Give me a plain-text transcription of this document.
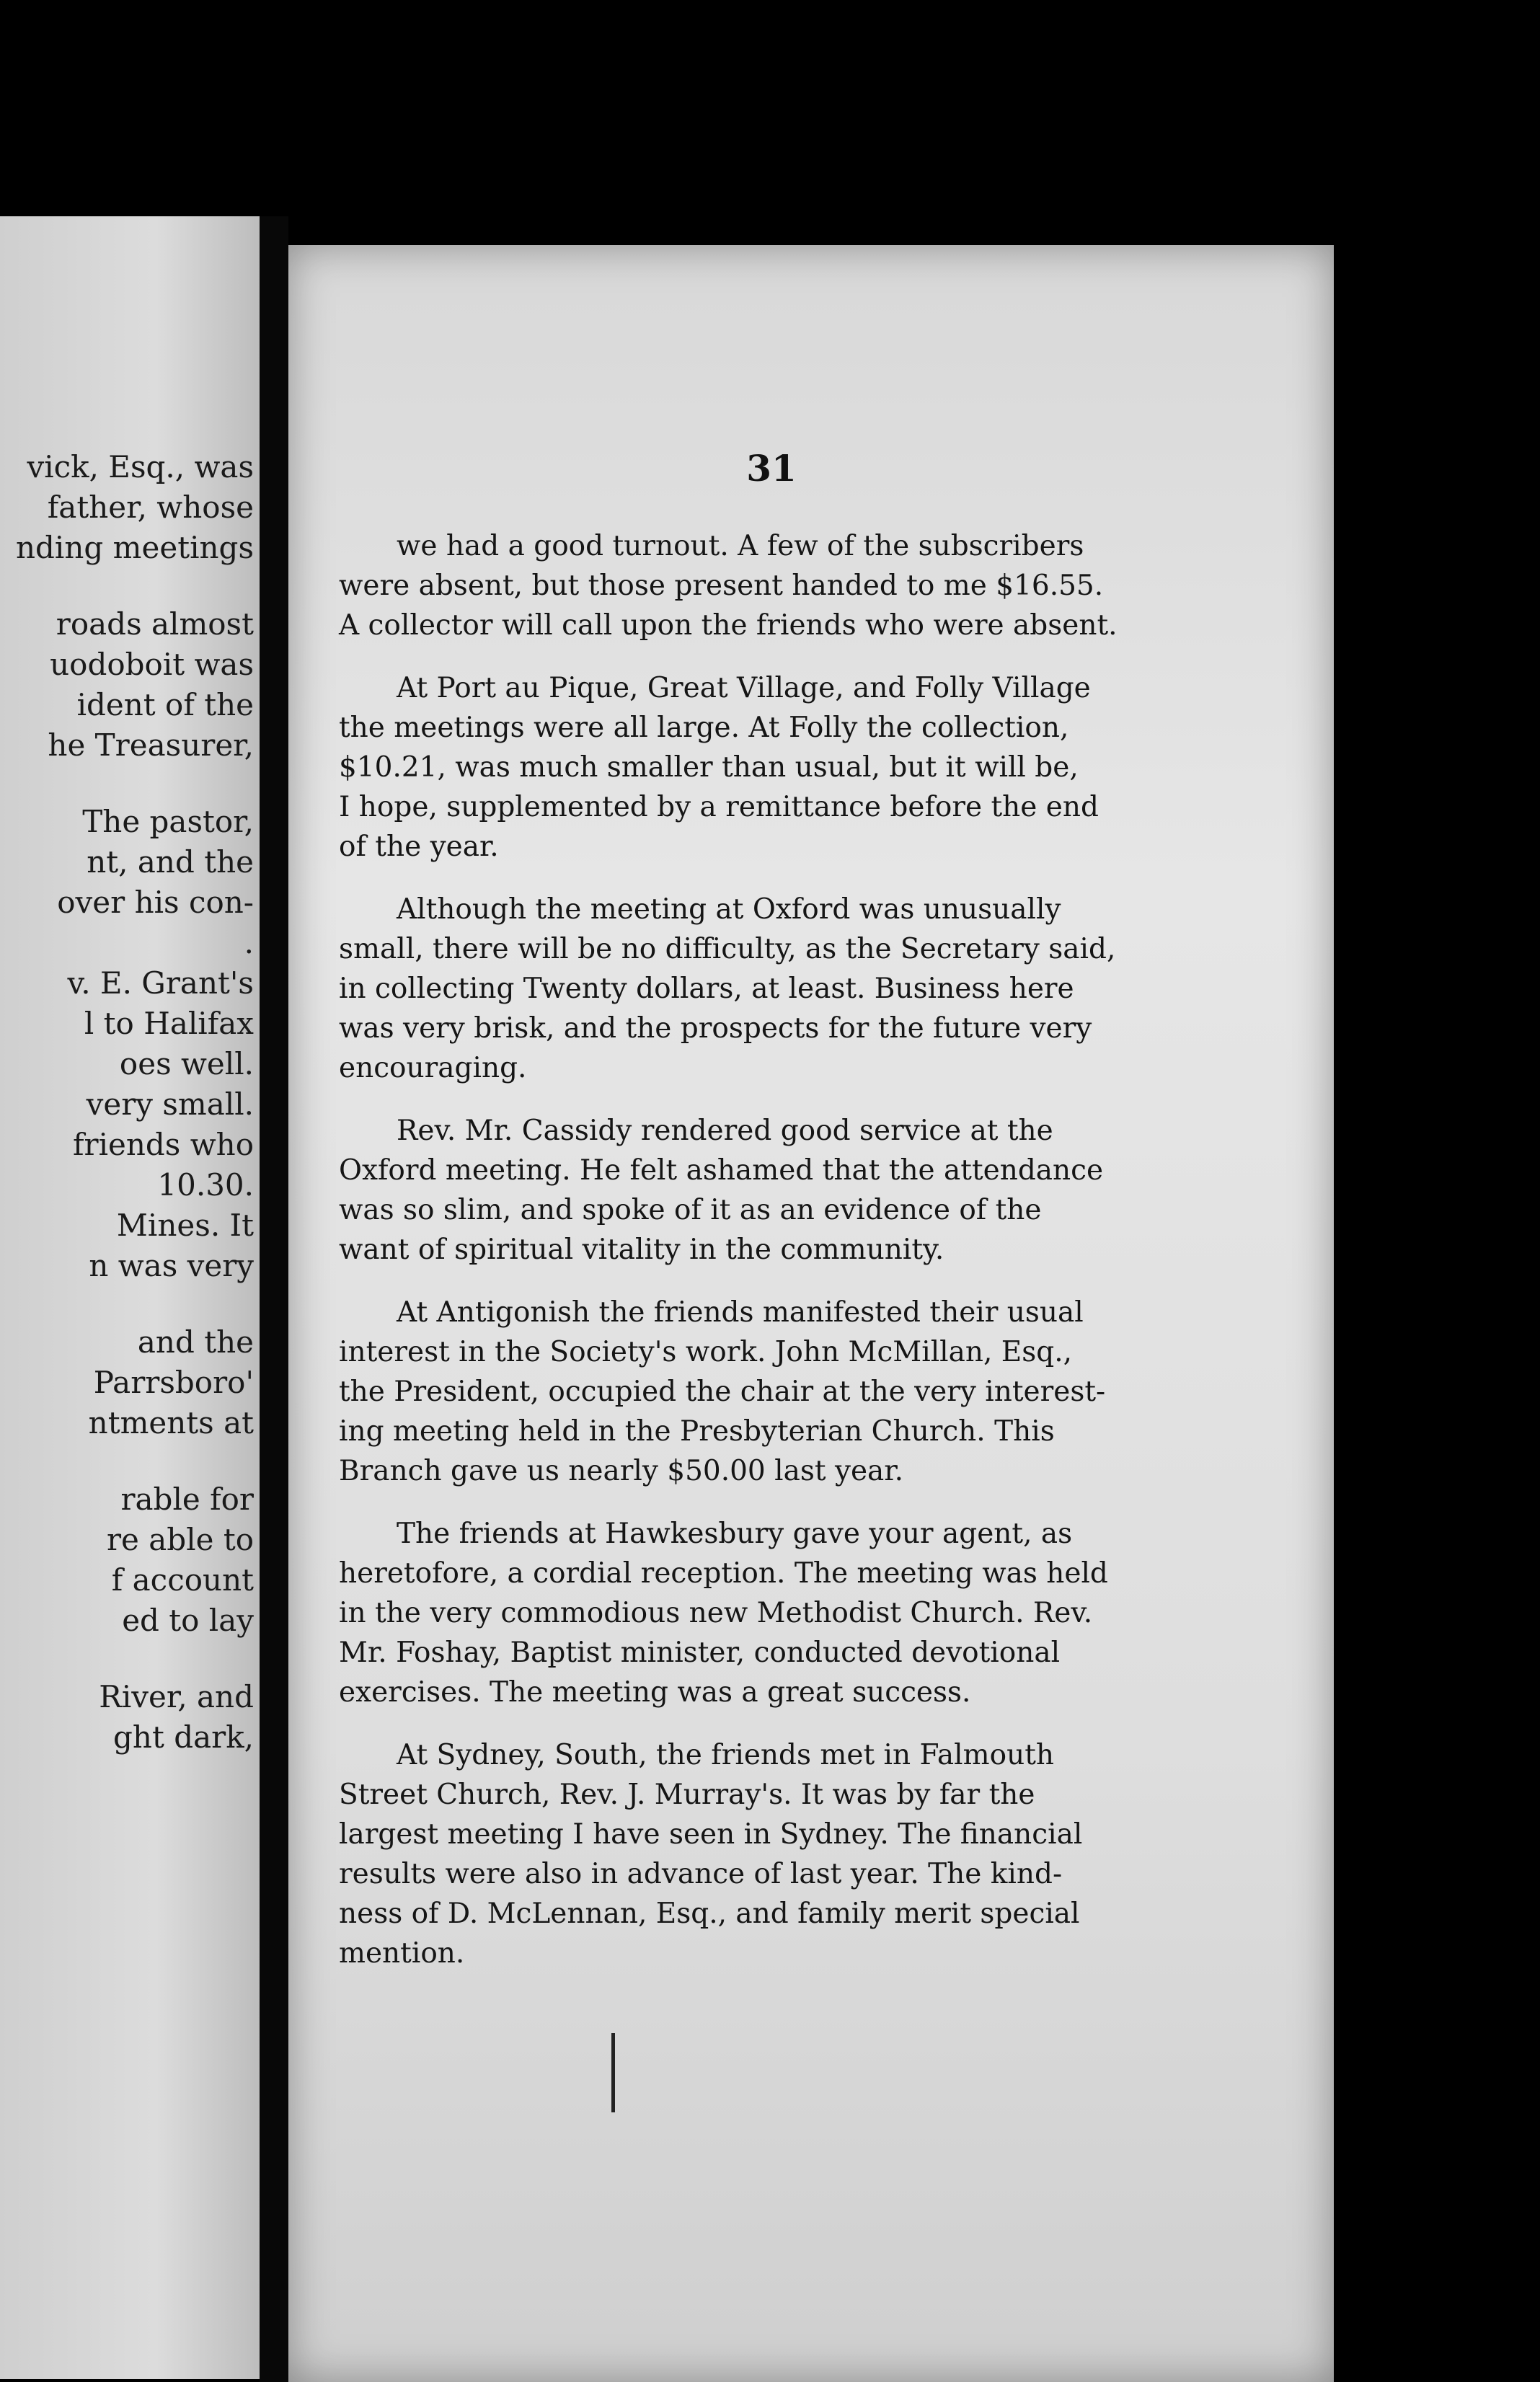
vick, Esq., was
father, whose
nding meetings
roads almost
uodoboit was
ident of the
he Treasurer,
The pastor,
nt, and the
over his con-
.
v. E. Grant's
l to Halifax
oes well.
very small.
friends who
10.30.
Mines. It
n was very
and the
Parrsboro'
ntments at
rable for
re able to
f account
ed to lay
River, and
ght dark,
31
we had a good turnout. A few of the subscribers
were absent, but those present handed to me $16.55.
A collector will call upon the friends who were absent.
At Port au Pique, Great Village, and Folly Village
the meetings were all large. At Folly the collection,
$10.21, was much smaller than usual, but it will be,
I hope, supplemented by a remittance before the end
of the year.
Although the meeting at Oxford was unusually
small, there will be no difficulty, as the Secretary said,
in collecting Twenty dollars, at least. Business here
was very brisk, and the prospects for the future very
encouraging.
Rev. Mr. Cassidy rendered good service at the
Oxford meeting. He felt ashamed that the attendance
was so slim, and spoke of it as an evidence of the
want of spiritual vitality in the community.
At Antigonish the friends manifested their usual
interest in the Society's work. John McMillan, Esq.,
the President, occupied the chair at the very interest-
ing meeting held in the Presbyterian Church. This
Branch gave us nearly $50.00 last year.
The friends at Hawkesbury gave your agent, as
heretofore, a cordial reception. The meeting was held
in the very commodious new Methodist Church. Rev.
Mr. Foshay, Baptist minister, conducted devotional
exercises. The meeting was a great success.
At Sydney, South, the friends met in Falmouth
Street Church, Rev. J. Murray's. It was by far the
largest meeting I have seen in Sydney. The financial
results were also in advance of last year. The kind-
ness of D. McLennan, Esq., and family merit special
mention.
